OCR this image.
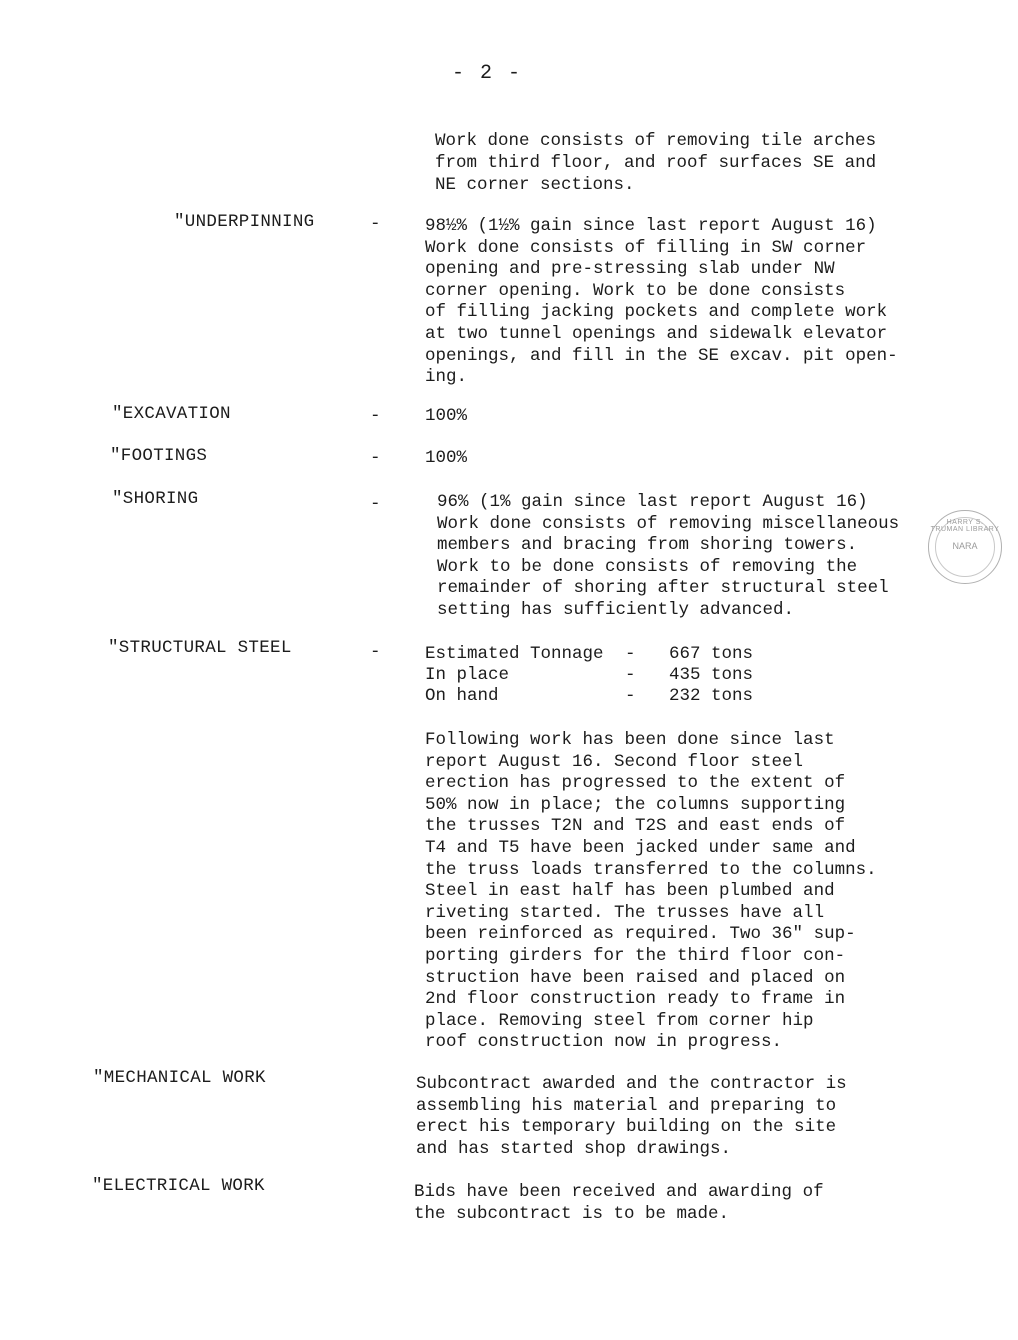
- 2 -
Work done consists of removing tile arches
from third floor, and roof surfaces SE and
NE corner sections.
"UNDERPINNING	-	98½% (1½% gain since last report August 16)
Work done consists of filling in SW corner
opening and pre-stressing slab under NW
corner opening. Work to be done consists
of filling jacking pockets and complete work
at two tunnel openings and sidewalk elevator
openings, and fill in the SE excav. pit open-
ing.
"EXCAVATION	-	100%
"FOOTINGS	-	100%
"SHORING	-	96% (1% gain since last report August 16)
Work done consists of removing miscellaneous
members and bracing from shoring towers.
Work to be done consists of removing the
remainder of shoring after structural steel
setting has sufficiently advanced.
"STRUCTURAL STEEL	-	Estimated Tonnage - 667 tons
In place	- 435 tons
On hand	- 232 tons
Following work has been done since last
report August 16. Second floor steel
erection has progressed to the extent of
50% now in place; the columns supporting
the trusses T2N and T2S and east ends of
T4 and T5 have been jacked under same and
the truss loads transferred to the columns.
Steel in east half has been plumbed and
riveting started. The trusses have all
been reinforced as required. Two 36" sup-
porting girders for the third floor con-
struction have been raised and placed on
2nd floor construction ready to frame in
place. Removing steel from corner hip
roof construction now in progress.
"MECHANICAL WORK	Subcontract awarded and the contractor is
assembling his material and preparing to
erect his temporary building on the site
and has started shop drawings.
"ELECTRICAL WORK	Bids have been received and awarding of
the subcontract is to be made.
HARRY S. TRUMAN LIBRARY
NARA
